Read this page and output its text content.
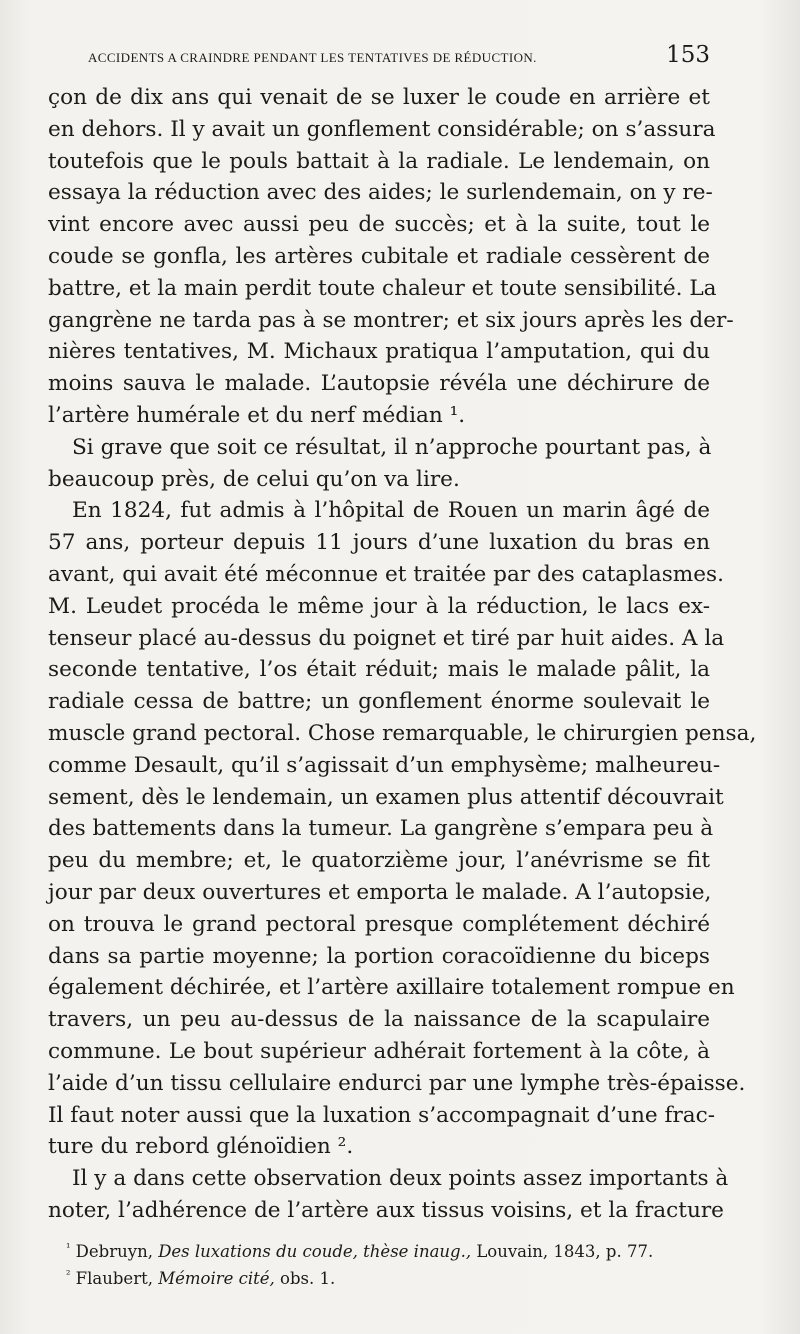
ACCIDENTS A CRAINDRE PENDANT LES TENTATIVES DE RÉDUCTION.	153
çon de dix ans qui venait de se luxer le coude en arrière et
en dehors. Il y avait un gonflement considérable; on s’assura
toutefois que le pouls battait à la radiale. Le lendemain, on
essaya la réduction avec des aides; le surlendemain, on y re-
vint encore avec aussi peu de succès; et à la suite, tout le
coude se gonfla, les artères cubitale et radiale cessèrent de
battre, et la main perdit toute chaleur et toute sensibilité. La
gangrène ne tarda pas à se montrer; et six jours après les der-
nières tentatives, M. Michaux pratiqua l’amputation, qui du
moins sauva le malade. L’autopsie révéla une déchirure de
l’artère humérale et du nerf médian ¹.
Si grave que soit ce résultat, il n’approche pourtant pas, à
beaucoup près, de celui qu’on va lire.
En 1824, fut admis à l’hôpital de Rouen un marin âgé de
57 ans, porteur depuis 11 jours d’une luxation du bras en
avant, qui avait été méconnue et traitée par des cataplasmes.
M. Leudet procéda le même jour à la réduction, le lacs ex-
tenseur placé au-dessus du poignet et tiré par huit aides. A la
seconde tentative, l’os était réduit; mais le malade pâlit, la
radiale cessa de battre; un gonflement énorme soulevait le
muscle grand pectoral. Chose remarquable, le chirurgien pensa,
comme Desault, qu’il s’agissait d’un emphysème; malheureu-
sement, dès le lendemain, un examen plus attentif découvrait
des battements dans la tumeur. La gangrène s’empara peu à
peu du membre; et, le quatorzième jour, l’anévrisme se fit
jour par deux ouvertures et emporta le malade. A l’autopsie,
on trouva le grand pectoral presque complétement déchiré
dans sa partie moyenne; la portion coracoïdienne du biceps
également déchirée, et l’artère axillaire totalement rompue en
travers, un peu au-dessus de la naissance de la scapulaire
commune. Le bout supérieur adhérait fortement à la côte, à
l’aide d’un tissu cellulaire endurci par une lymphe très-épaisse.
Il faut noter aussi que la luxation s’accompagnait d’une frac-
ture du rebord glénoïdien ².
Il y a dans cette observation deux points assez importants à
noter, l’adhérence de l’artère aux tissus voisins, et la fracture
$^{^1}$ Debruyn, Des luxations du coude, thèse inaug., Louvain, 1843, p. 77.
$^{^2}$ Flaubert, Mémoire cité, obs. 1.
